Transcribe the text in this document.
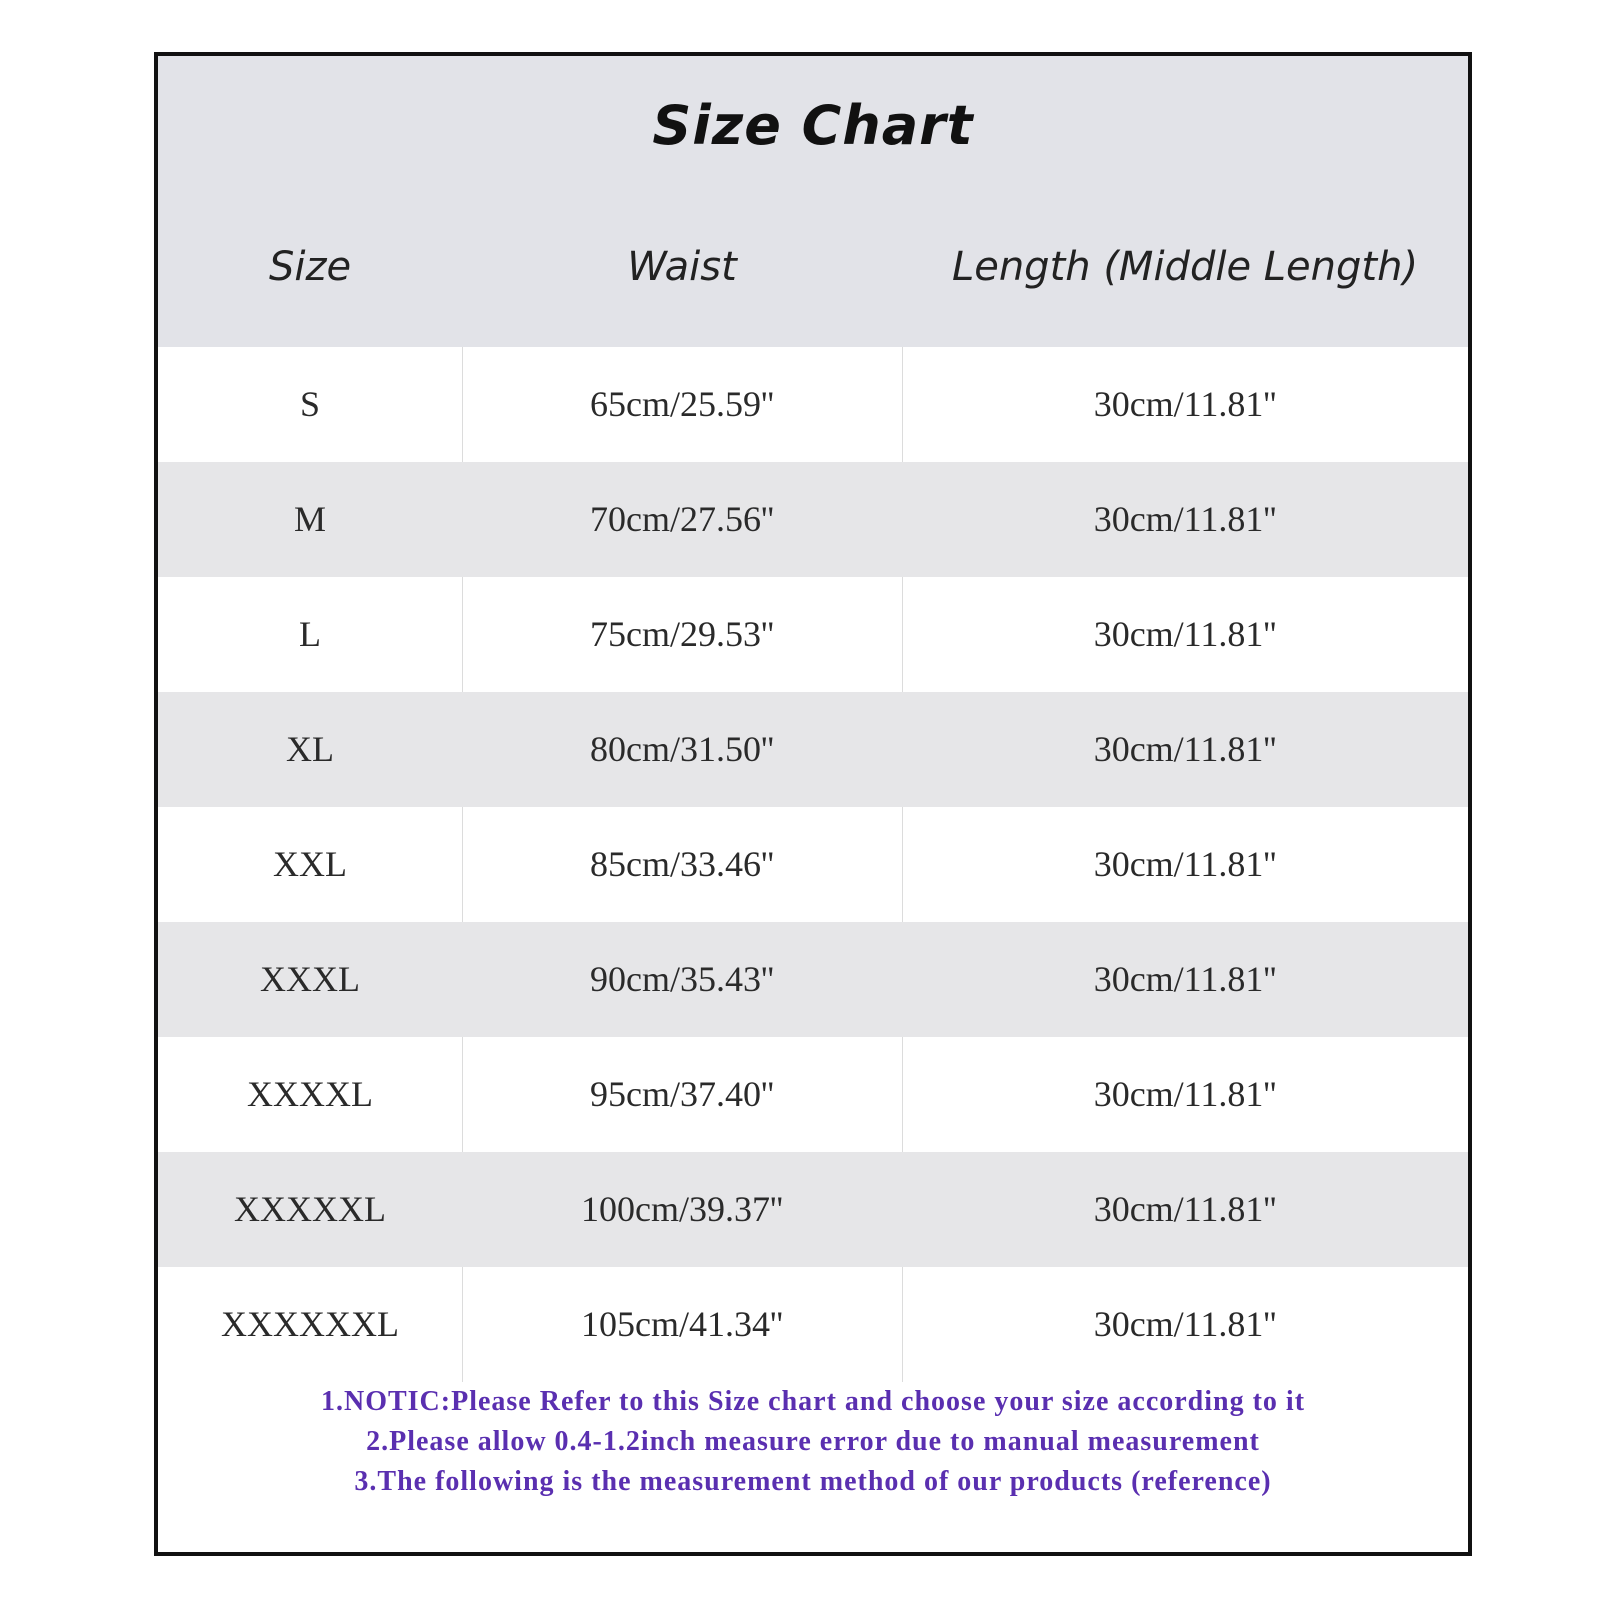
Size Chart
Size	Waist	Length (Middle Length)
S	65cm/25.59''	30cm/11.81''
M	70cm/27.56''	30cm/11.81''
L	75cm/29.53''	30cm/11.81''
XL	80cm/31.50''	30cm/11.81''
XXL	85cm/33.46''	30cm/11.81''
XXXL	90cm/35.43''	30cm/11.81''
XXXXL	95cm/37.40''	30cm/11.81''
XXXXXL	100cm/39.37''	30cm/11.81''
XXXXXXL	105cm/41.34''	30cm/11.81''
1.NOTIC:Please Refer to this Size chart and choose your size according to it
2.Please allow 0.4-1.2inch measure error due to manual measurement
3.The following is the measurement method of our products (reference)
